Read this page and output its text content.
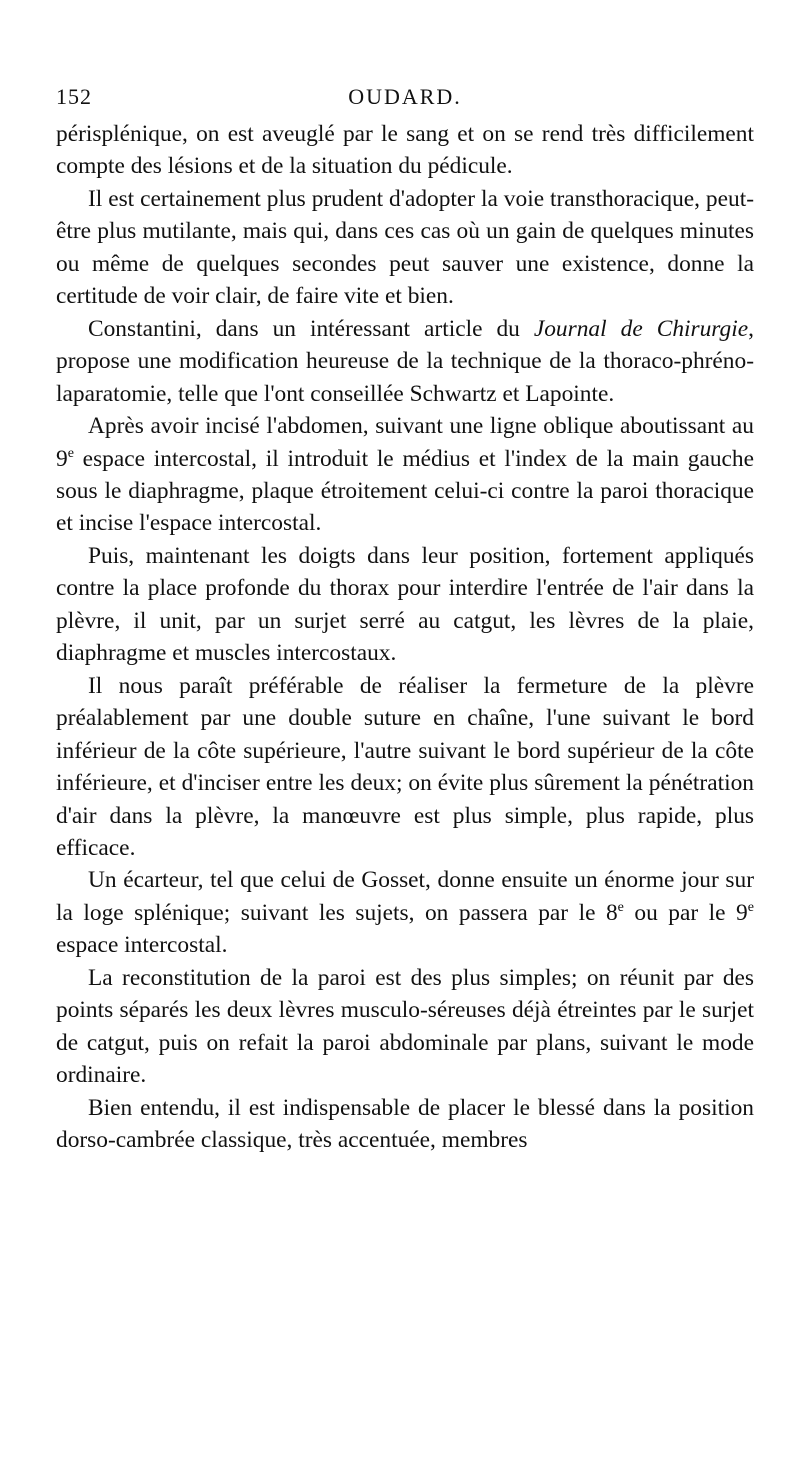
152	OUDARD.

périsplénique, on est aveuglé par le sang et on se rend très difficilement compte des lésions et de la situation du pédicule.

Il est certainement plus prudent d'adopter la voie transthoracique, peut-être plus mutilante, mais qui, dans ces cas où un gain de quelques minutes ou même de quelques secondes peut sauver une existence, donne la certitude de voir clair, de faire vite et bien.

Constantini, dans un intéressant article du Journal de Chirurgie, propose une modification heureuse de la technique de la thoraco-phréno-laparatomie, telle que l'ont conseillée Schwartz et Lapointe.

Après avoir incisé l'abdomen, suivant une ligne oblique aboutissant au 9e espace intercostal, il introduit le médius et l'index de la main gauche sous le diaphragme, plaque étroitement celui-ci contre la paroi thoracique et incise l'espace intercostal.

Puis, maintenant les doigts dans leur position, fortement appliqués contre la place profonde du thorax pour interdire l'entrée de l'air dans la plèvre, il unit, par un surjet serré au catgut, les lèvres de la plaie, diaphragme et muscles intercostaux.

Il nous paraît préférable de réaliser la fermeture de la plèvre préalablement par une double suture en chaîne, l'une suivant le bord inférieur de la côte supérieure, l'autre suivant le bord supérieur de la côte inférieure, et d'inciser entre les deux; on évite plus sûrement la pénétration d'air dans la plèvre, la manœuvre est plus simple, plus rapide, plus efficace.

Un écarteur, tel que celui de Gosset, donne ensuite un énorme jour sur la loge splénique; suivant les sujets, on passera par le 8e ou par le 9e espace intercostal.

La reconstitution de la paroi est des plus simples; on réunit par des points séparés les deux lèvres musculo-séreuses déjà étreintes par le surjet de catgut, puis on refait la paroi abdominale par plans, suivant le mode ordinaire.

Bien entendu, il est indispensable de placer le blessé dans la position dorso-cambrée classique, très accentuée, membres
